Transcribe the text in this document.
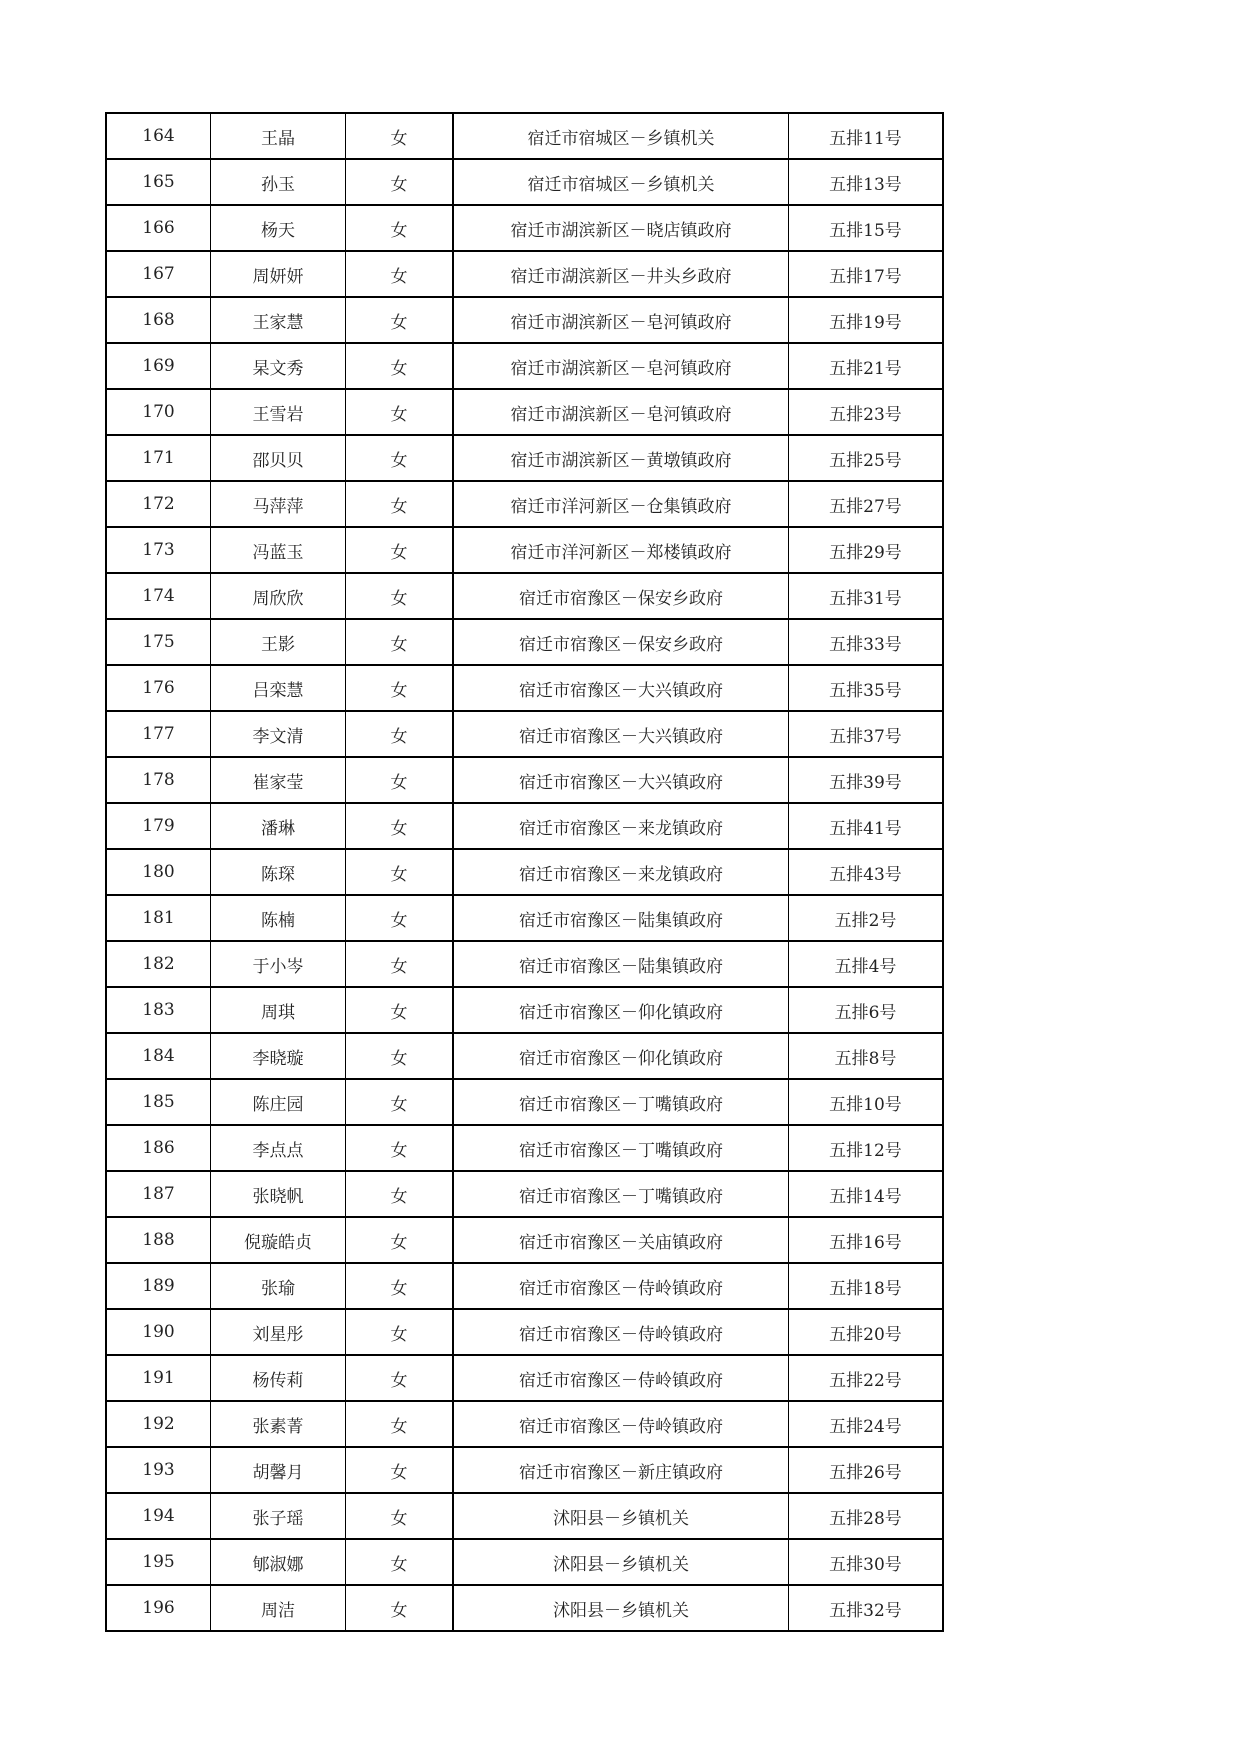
164	王晶	女	宿迁市宿城区－乡镇机关	五排11号
165	孙玉	女	宿迁市宿城区－乡镇机关	五排13号
166	杨天	女	宿迁市湖滨新区－晓店镇政府	五排15号
167	周妍妍	女	宿迁市湖滨新区－井头乡政府	五排17号
168	王家慧	女	宿迁市湖滨新区－皂河镇政府	五排19号
169	杲文秀	女	宿迁市湖滨新区－皂河镇政府	五排21号
170	王雪岩	女	宿迁市湖滨新区－皂河镇政府	五排23号
171	邵贝贝	女	宿迁市湖滨新区－黄墩镇政府	五排25号
172	马萍萍	女	宿迁市洋河新区－仓集镇政府	五排27号
173	冯蓝玉	女	宿迁市洋河新区－郑楼镇政府	五排29号
174	周欣欣	女	宿迁市宿豫区－保安乡政府	五排31号
175	王影	女	宿迁市宿豫区－保安乡政府	五排33号
176	吕栾慧	女	宿迁市宿豫区－大兴镇政府	五排35号
177	李文清	女	宿迁市宿豫区－大兴镇政府	五排37号
178	崔家莹	女	宿迁市宿豫区－大兴镇政府	五排39号
179	潘琳	女	宿迁市宿豫区－来龙镇政府	五排41号
180	陈琛	女	宿迁市宿豫区－来龙镇政府	五排43号
181	陈楠	女	宿迁市宿豫区－陆集镇政府	五排2号
182	于小岑	女	宿迁市宿豫区－陆集镇政府	五排4号
183	周琪	女	宿迁市宿豫区－仰化镇政府	五排6号
184	李晓璇	女	宿迁市宿豫区－仰化镇政府	五排8号
185	陈庄园	女	宿迁市宿豫区－丁嘴镇政府	五排10号
186	李点点	女	宿迁市宿豫区－丁嘴镇政府	五排12号
187	张晓帆	女	宿迁市宿豫区－丁嘴镇政府	五排14号
188	倪璇皓贞	女	宿迁市宿豫区－关庙镇政府	五排16号
189	张瑜	女	宿迁市宿豫区－侍岭镇政府	五排18号
190	刘星彤	女	宿迁市宿豫区－侍岭镇政府	五排20号
191	杨传莉	女	宿迁市宿豫区－侍岭镇政府	五排22号
192	张素菁	女	宿迁市宿豫区－侍岭镇政府	五排24号
193	胡馨月	女	宿迁市宿豫区－新庄镇政府	五排26号
194	张子瑶	女	沭阳县－乡镇机关	五排28号
195	郇淑娜	女	沭阳县－乡镇机关	五排30号
196	周洁	女	沭阳县－乡镇机关	五排32号
